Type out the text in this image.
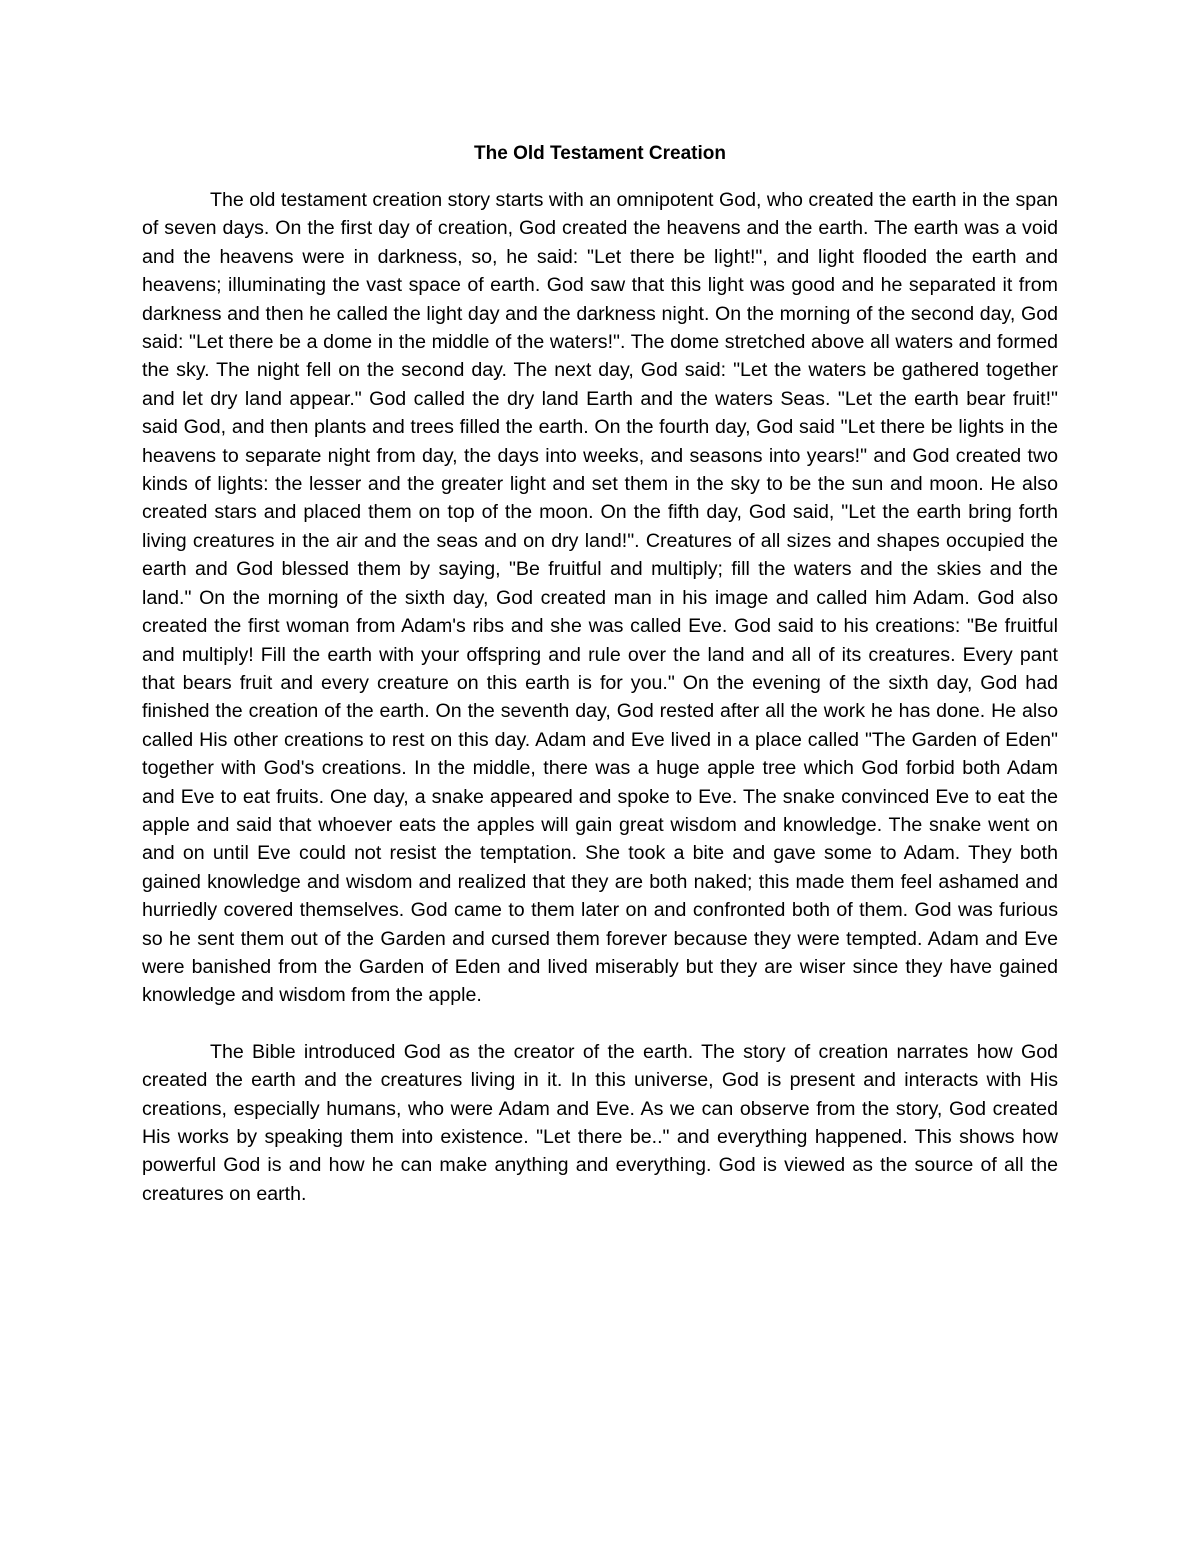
The Old Testament Creation

The old testament creation story starts with an omnipotent God, who created the earth in the span of seven days. On the first day of creation, God created the heavens and the earth. The earth was a void and the heavens were in darkness, so, he said: "Let there be light!", and light flooded the earth and heavens; illuminating the vast space of earth. God saw that this light was good and he separated it from darkness and then he called the light day and the darkness night. On the morning of the second day, God said: "Let there be a dome in the middle of the waters!". The dome stretched above all waters and formed the sky. The night fell on the second day. The next day, God said: "Let the waters be gathered together and let dry land appear." God called the dry land Earth and the waters Seas. "Let the earth bear fruit!" said God, and then plants and trees filled the earth. On the fourth day, God said "Let there be lights in the heavens to separate night from day, the days into weeks, and seasons into years!" and God created two kinds of lights: the lesser and the greater light and set them in the sky to be the sun and moon. He also created stars and placed them on top of the moon. On the fifth day, God said, "Let the earth bring forth living creatures in the air and the seas and on dry land!". Creatures of all sizes and shapes occupied the earth and God blessed them by saying, "Be fruitful and multiply; fill the waters and the skies and the land." On the morning of the sixth day, God created man in his image and called him Adam. God also created the first woman from Adam's ribs and she was called Eve. God said to his creations: "Be fruitful and multiply! Fill the earth with your offspring and rule over the land and all of its creatures. Every pant that bears fruit and every creature on this earth is for you." On the evening of the sixth day, God had finished the creation of the earth. On the seventh day, God rested after all the work he has done. He also called His other creations to rest on this day. Adam and Eve lived in a place called "The Garden of Eden" together with God's creations. In the middle, there was a huge apple tree which God forbid both Adam and Eve to eat fruits. One day, a snake appeared and spoke to Eve. The snake convinced Eve to eat the apple and said that whoever eats the apples will gain great wisdom and knowledge. The snake went on and on until Eve could not resist the temptation. She took a bite and gave some to Adam. They both gained knowledge and wisdom and realized that they are both naked; this made them feel ashamed and hurriedly covered themselves. God came to them later on and confronted both of them. God was furious so he sent them out of the Garden and cursed them forever because they were tempted. Adam and Eve were banished from the Garden of Eden and lived miserably but they are wiser since they have gained knowledge and wisdom from the apple.

The Bible introduced God as the creator of the earth. The story of creation narrates how God created the earth and the creatures living in it. In this universe, God is present and interacts with His creations, especially humans, who were Adam and Eve. As we can observe from the story, God created His works by speaking them into existence. "Let there be.." and everything happened. This shows how powerful God is and how he can make anything and everything. God is viewed as the source of all the creatures on earth.
